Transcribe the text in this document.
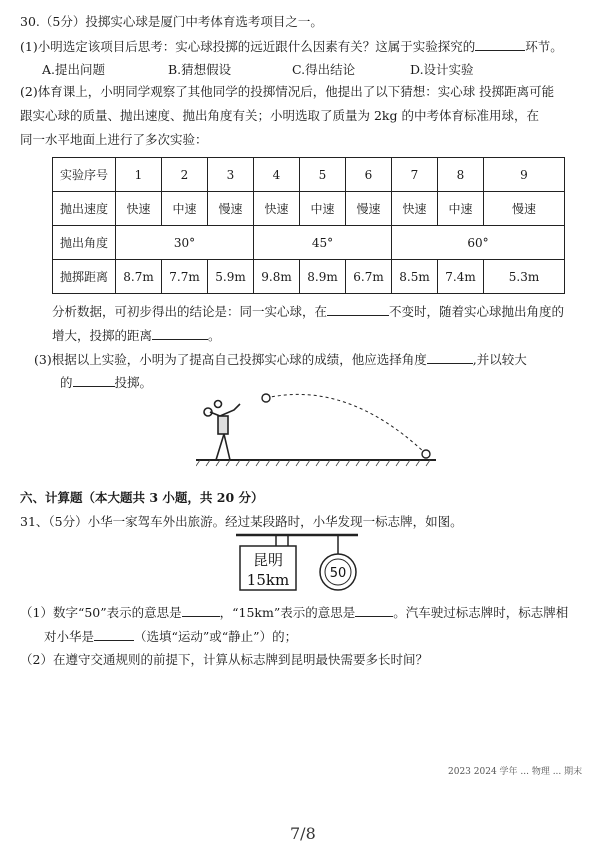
30.（5分）投掷实心球是厦门中考体育选考项目之一。
(1)小明选定该项目后思考：实心球投掷的远近跟什么因素有关？这属于实验探究的	环节。
A.提出问题	B.猜想假设	C.得出结论	D.设计实验
(2)体育课上，小明同学观察了其他同学的投掷情况后，他提出了以下猜想：实心球 投掷距离可能
跟实心球的质量、抛出速度、抛出角度有关；小明选取了质量为 2kg 的中考体育标准用球，在
同一水平地面上进行了多次实验：
实验序号	1	2	3	4	5	6	7	8	9
抛出速度	快速	中速	慢速	快速	中速	慢速	快速	中速	慢速
抛出角度	30°			45°			60°		
抛掷距离	8.7m	7.7m	5.9m	9.8m	8.9m	6.7m	8.5m	7.4m	5.3m
分析数据，可初步得出的结论是：同一实心球，在	不变时，随着实心球抛出角度的
增大，投掷的距离	。
(3)根据以上实验，小明为了提高自己投掷实心球的成绩，他应选择角度	,并以较大
的	投掷。
六、计算题（本大题共 3 小题，共 20 分）
31、（5分）小华一家驾车外出旅游。经过某段路时，小华发现一标志牌，如图。
昆明
15km	50
（1）数字“50”表示的意思是	，“15km”表示的意思是	。汽车驶过标志牌时，标志牌相
对小华是	（选填“运动”或“静止”）的；
（2）在遵守交通规则的前提下，计算从标志牌到昆明最快需要多长时间？
2023 2024 学年 ... 物理 ... 期末
7/8
